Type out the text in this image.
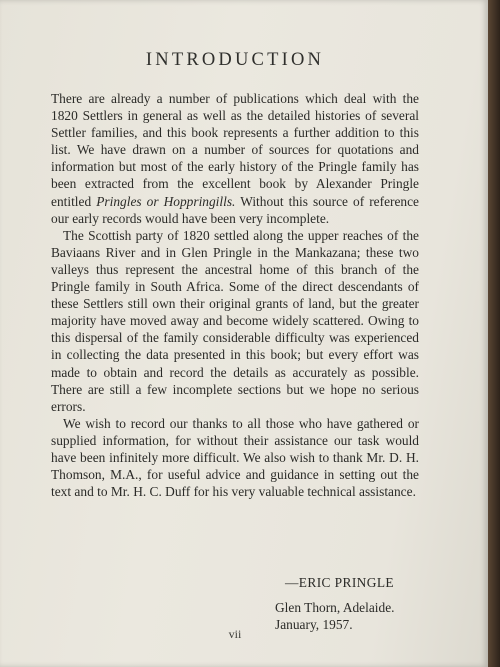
INTRODUCTION

There are already a number of publications which deal with the 1820 Settlers in general as well as the detailed histories of several Settler families, and this book represents a further addition to this list. We have drawn on a number of sources for quotations and information but most of the early history of the Pringle family has been extracted from the excellent book by Alexander Pringle entitled Pringles or Hoppringills. Without this source of reference our early records would have been very incomplete.

The Scottish party of 1820 settled along the upper reaches of the Baviaans River and in Glen Pringle in the Mankazana; these two valleys thus represent the ancestral home of this branch of the Pringle family in South Africa. Some of the direct descendants of these Settlers still own their original grants of land, but the greater majority have moved away and become widely scattered. Owing to this dispersal of the family considerable difficulty was experienced in collecting the data presented in this book; but every effort was made to obtain and record the details as accurately as possible. There are still a few incomplete sections but we hope no serious errors.

We wish to record our thanks to all those who have gathered or supplied information, for without their assistance our task would have been infinitely more difficult. We also wish to thank Mr. D. H. Thomson, M.A., for useful advice and guidance in setting out the text and to Mr. H. C. Duff for his very valuable technical assistance.

—ERIC PRINGLE
Glen Thorn, Adelaide.
January, 1957.
vii
